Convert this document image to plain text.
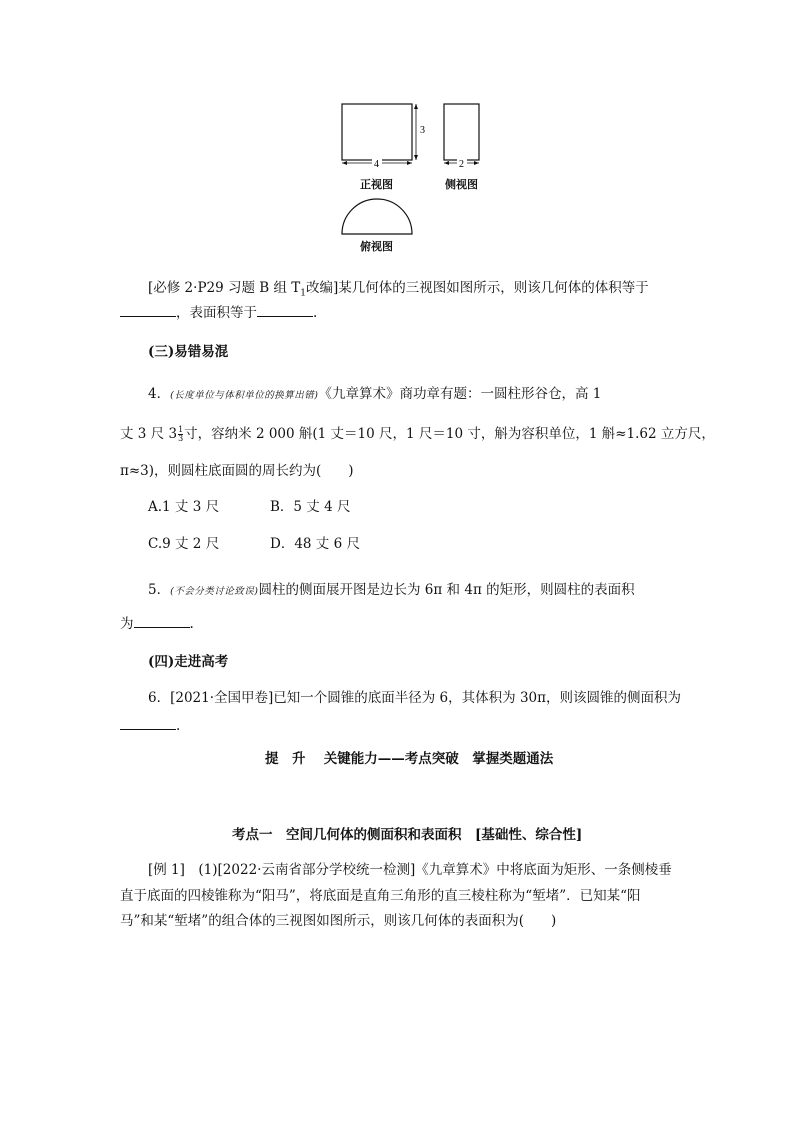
3
4	2
正视图	侧视图
俯视图
[必修 2·P29 习题 B 组 $T_1$改编]某几何体的三视图如图所示，则该几何体的体积等于
，表面积等于	.
(三)易错易混
4．(长度单位与体积单位的换算出错)《九章算术》商功章有题：一圆柱形谷仓，高 1
丈 3 尺 $3 \frac{1}{3}$ 寸，容纳米 2 000 斛(1 丈＝10 尺，1 尺＝10 寸，斛为容积单位，1 斛≈1.62 立方尺，
π≈3)，则圆柱底面圆的周长约为(　　)
A.1 丈 3 尺	B．5 丈 4 尺
C.9 丈 2 尺	D．48 丈 6 尺
5．(不会分类讨论致误)圆柱的侧面展开图是边长为 6π 和 4π 的矩形，则圆柱的表面积
为	.
(四)走进高考
6．[2021·全国甲卷]已知一个圆锥的底面半径为 6，其体积为 30π，则该圆锥的侧面积为
.
提　升　 关键能力——考点突破　掌握类题通法
考点一　空间几何体的侧面积和表面积　[基础性、综合性]
[例 1]　(1)[2022·云南省部分学校统一检测]《九章算术》中将底面为矩形、一条侧棱垂
直于底面的四棱锥称为“阳马”，将底面是直角三角形的直三棱柱称为“堑堵”．已知某“阳
马”和某“堑堵”的组合体的三视图如图所示，则该几何体的表面积为(　　)
